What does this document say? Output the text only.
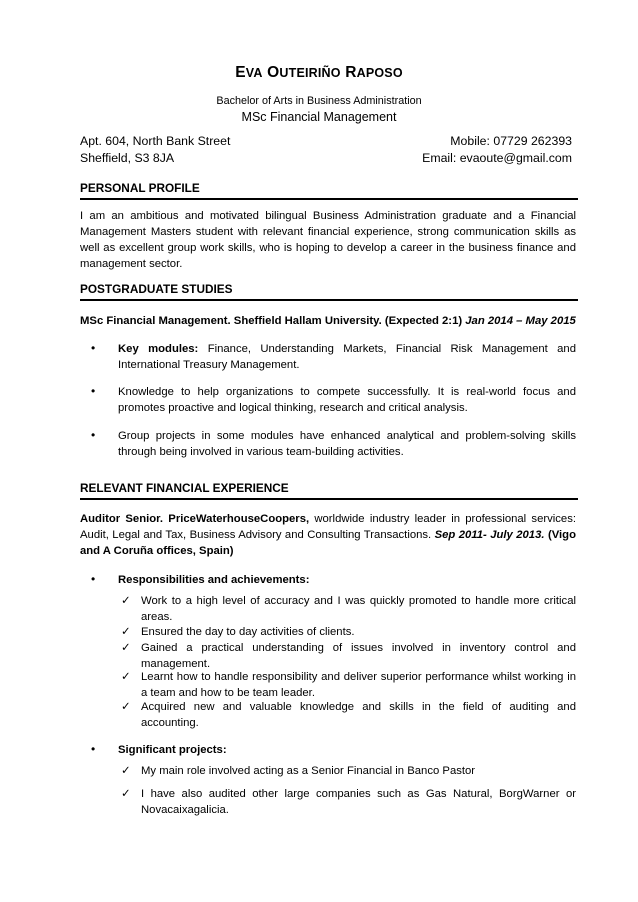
EVA OUTEIRIÑO RAPOSO
Bachelor of Arts in Business Administration
MSc Financial Management
Apt. 604, North Bank Street	Mobile: 07729 262393
Sheffield, S3 8JA	Email: evaoute@gmail.com
PERSONAL PROFILE
I am an ambitious and motivated bilingual Business Administration graduate and a Financial Management Masters student with relevant financial experience, strong communication skills as well as excellent group work skills, who is hoping to develop a career in the business finance and management sector.
POSTGRADUATE STUDIES
MSc Financial Management. Sheffield Hallam University. (Expected 2:1) Jan 2014 – May 2015
• Key modules: Finance, Understanding Markets, Financial Risk Management and International Treasury Management.
• Knowledge to help organizations to compete successfully. It is real-world focus and promotes proactive and logical thinking, research and critical analysis.
• Group projects in some modules have enhanced analytical and problem-solving skills through being involved in various team-building activities.
RELEVANT FINANCIAL EXPERIENCE
Auditor Senior. PriceWaterhouseCoopers, worldwide industry leader in professional services: Audit, Legal and Tax, Business Advisory and Consulting Transactions. Sep 2011- July 2013. (Vigo and A Coruña offices, Spain)
• Responsibilities and achievements:
✓ Work to a high level of accuracy and I was quickly promoted to handle more critical areas.
✓ Ensured the day to day activities of clients.
✓ Gained a practical understanding of issues involved in inventory control and management.
✓ Learnt how to handle responsibility and deliver superior performance whilst working in a team and how to be team leader.
✓ Acquired new and valuable knowledge and skills in the field of auditing and accounting.
• Significant projects:
✓ My main role involved acting as a Senior Financial in Banco Pastor
✓ I have also audited other large companies such as Gas Natural, BorgWarner or Novacaixagalicia.
